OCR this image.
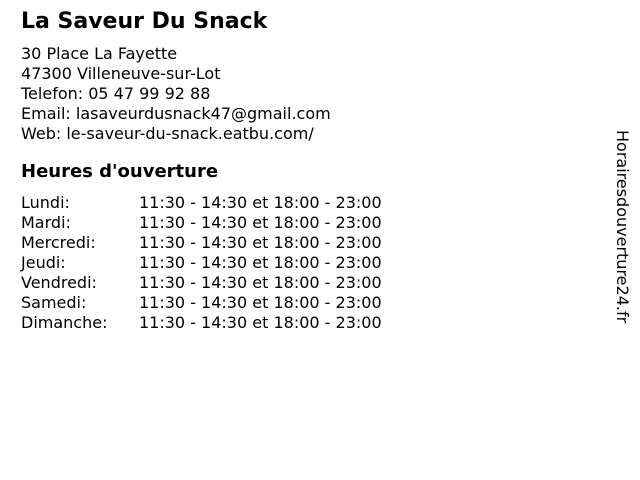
La Saveur Du Snack
30 Place La Fayette
47300 Villeneuve-sur-Lot
Telefon: 05 47 99 92 88
Email: lasaveurdusnack47@gmail.com
Web: le-saveur-du-snack.eatbu.com/
Heures d'ouverture
Lundi:	11:30 - 14:30 et 18:00 - 23:00
Mardi:	11:30 - 14:30 et 18:00 - 23:00
Mercredi:	11:30 - 14:30 et 18:00 - 23:00
Jeudi:	11:30 - 14:30 et 18:00 - 23:00
Vendredi:	11:30 - 14:30 et 18:00 - 23:00
Samedi:	11:30 - 14:30 et 18:00 - 23:00
Dimanche:	11:30 - 14:30 et 18:00 - 23:00	Horairesdouverture24.fr
